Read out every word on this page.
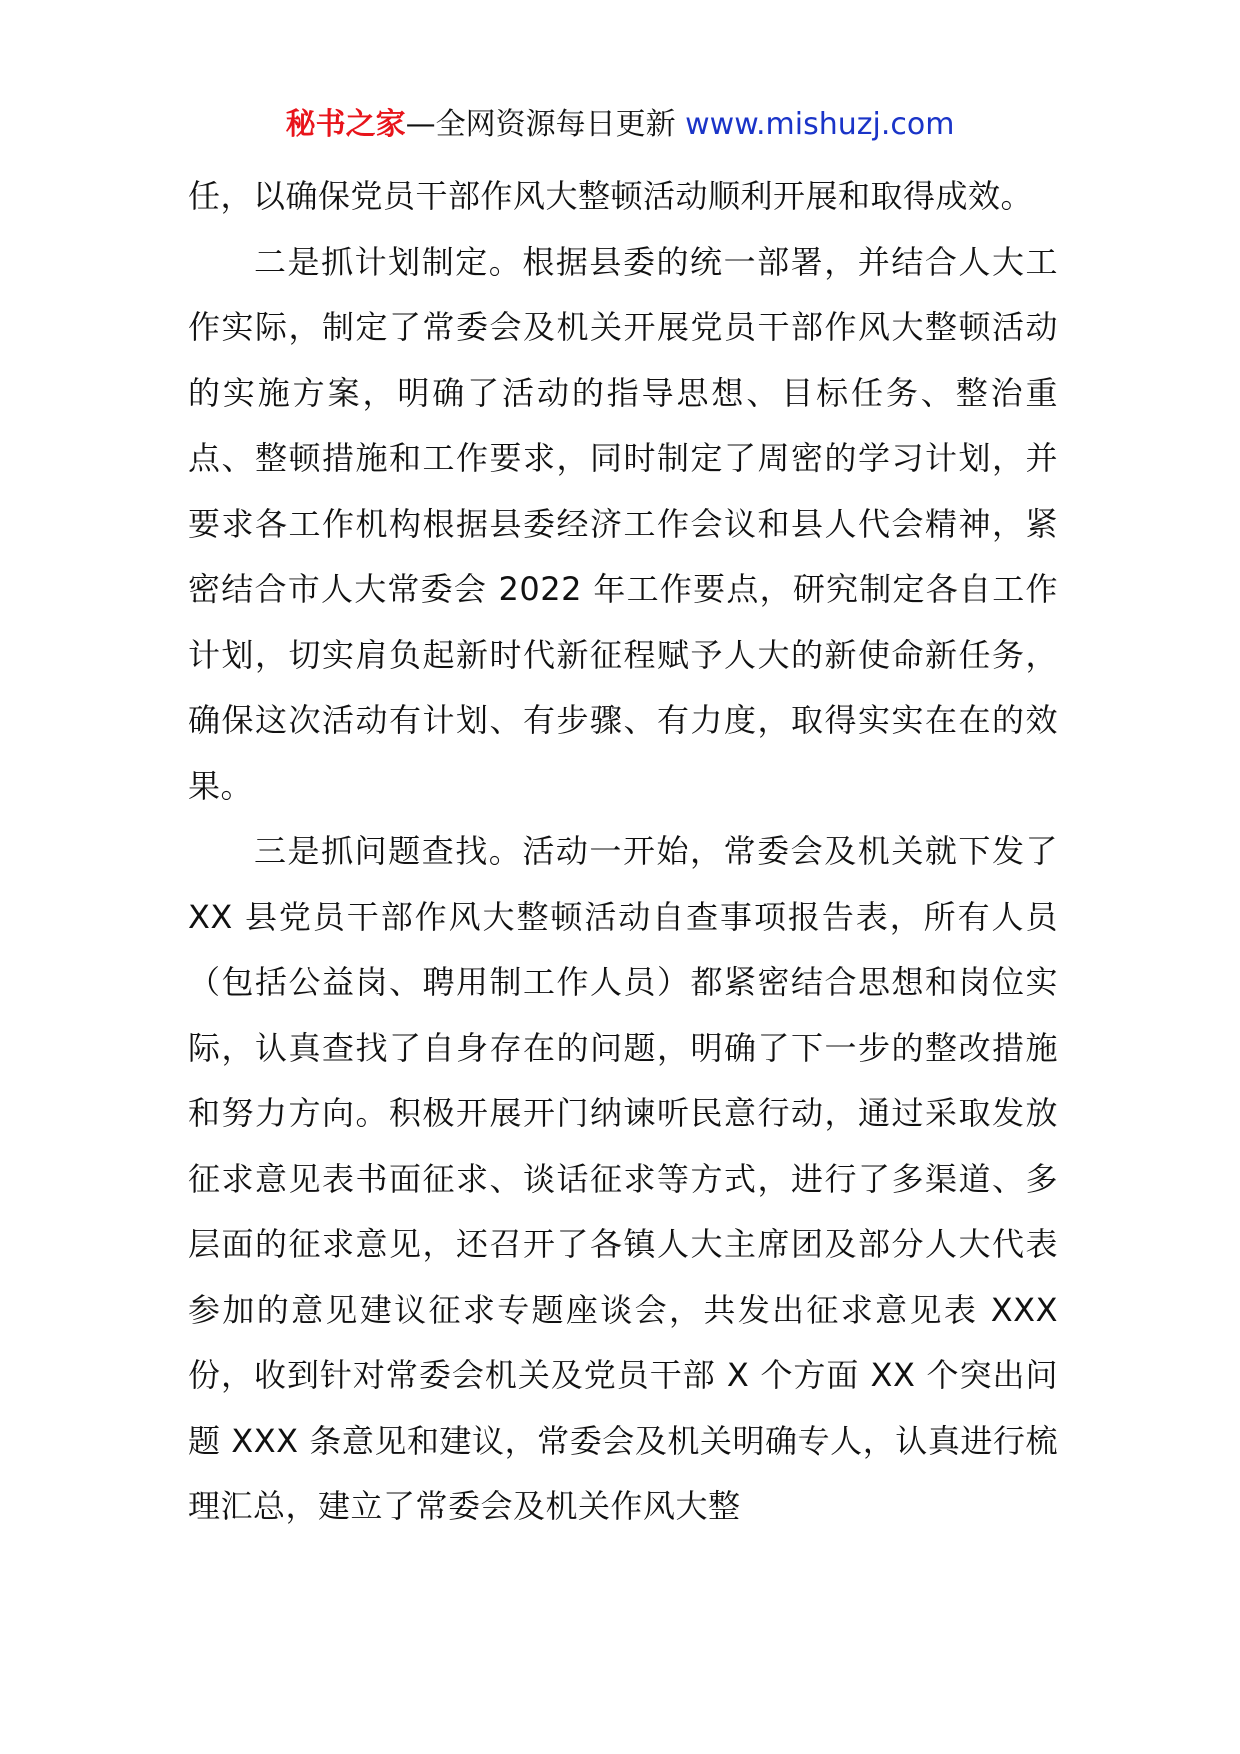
秘书之家—全网资源每日更新 www.mishuzj.com

任，以确保党员干部作风大整顿活动顺利开展和取得成效。

二是抓计划制定。根据县委的统一部署，并结合人大工作实际，制定了常委会及机关开展党员干部作风大整顿活动的实施方案，明确了活动的指导思想、目标任务、整治重点、整顿措施和工作要求，同时制定了周密的学习计划，并要求各工作机构根据县委经济工作会议和县人代会精神，紧密结合市人大常委会 2022 年工作要点，研究制定各自工作计划，切实肩负起新时代新征程赋予人大的新使命新任务，确保这次活动有计划、有步骤、有力度，取得实实在在的效果。

三是抓问题查找。活动一开始，常委会及机关就下发了 XX 县党员干部作风大整顿活动自查事项报告表，所有人员（包括公益岗、聘用制工作人员）都紧密结合思想和岗位实际，认真查找了自身存在的问题，明确了下一步的整改措施和努力方向。积极开展开门纳谏听民意行动，通过采取发放征求意见表书面征求、谈话征求等方式，进行了多渠道、多层面的征求意见，还召开了各镇人大主席团及部分人大代表参加的意见建议征求专题座谈会，共发出征求意见表 XXX 份，收到针对常委会机关及党员干部 X 个方面 XX 个突出问题 XXX 条意见和建议，常委会及机关明确专人，认真进行梳理汇总，建立了常委会及机关作风大整
